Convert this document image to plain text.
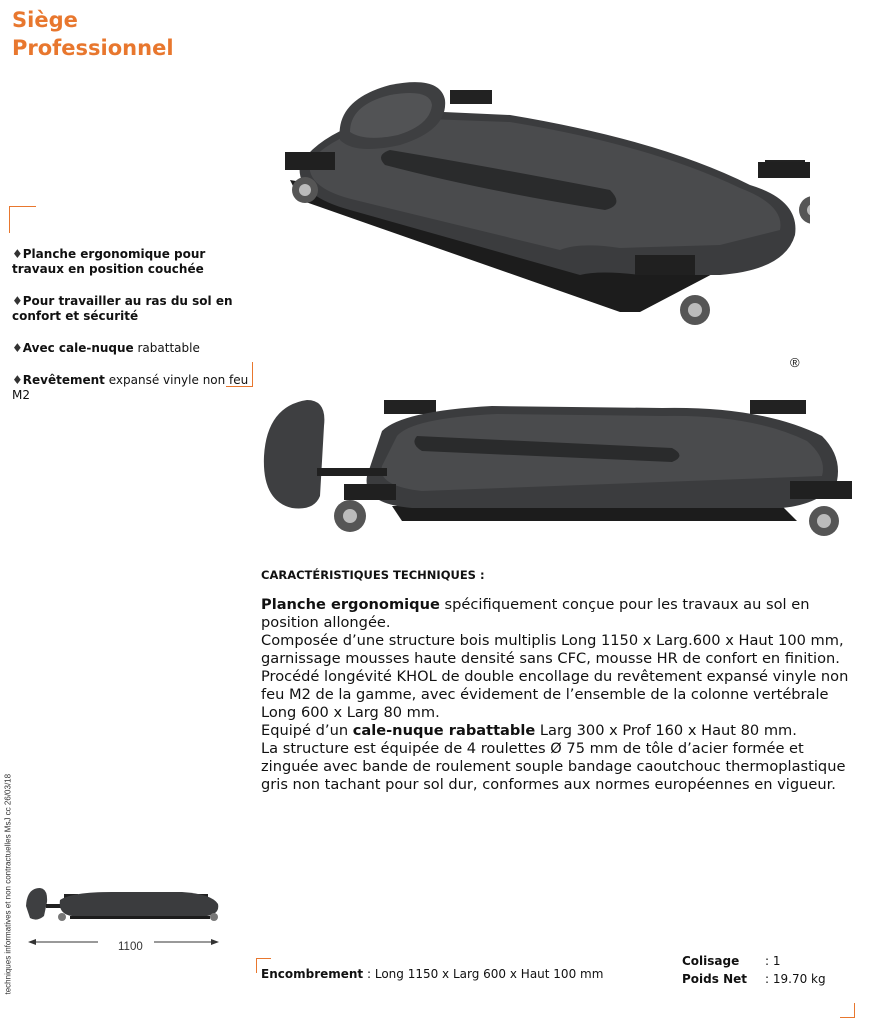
Siège
Professionnel
♦Planche ergonomique pour travaux en position couchée
♦Pour travailler au ras du sol en confort et sécurité
♦Avec cale-nuque rabattable
♦Revêtement expansé vinyle non feu M2
®
CARACTÉRISTIQUES TECHNIQUES :

Planche ergonomique spécifiquement conçue pour les travaux au sol en position allongée.

Composée d’une structure bois multiplis Long 1150 x Larg.600 x Haut 100 mm, garnissage mousses haute densité sans CFC, mousse HR de confort en finition.

Procédé longévité KHOL de double encollage du revêtement expansé vinyle non feu M2 de la gamme, avec évidement de l’ensemble de la colonne vertébrale Long 600 x Larg 80 mm.

Equipé d’un cale-nuque rabattable Larg 300 x Prof 160 x Haut 80 mm.

La structure est équipée de 4 roulettes Ø 75 mm de tôle d’acier formée et zinguée avec bande de roulement souple bandage caoutchouc thermoplastique gris non tachant pour sol dur, conformes aux normes européennes en vigueur.

techniques informatives et non contractuelles MsJ cc 26/03/18	1100
Encombrement : Long 1150 x Larg 600 x Haut 100 mm
Colisage : 1
Poids Net : 19.70 kg
